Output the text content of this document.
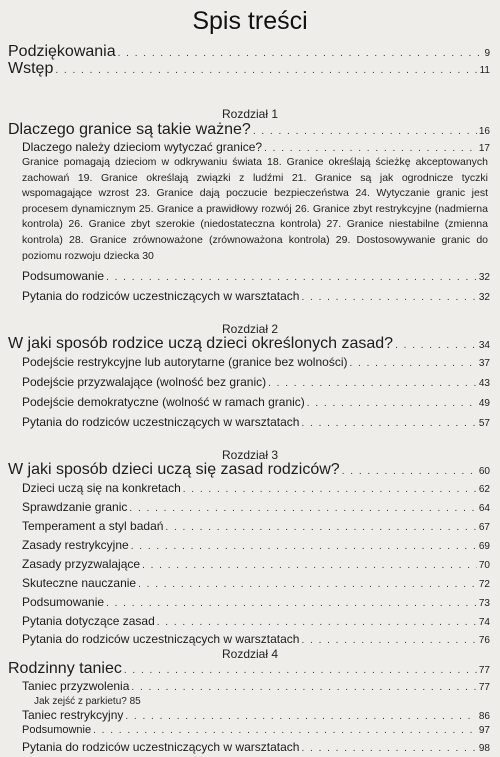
Spis treści
Podziękowania . . .	9
Wstęp . . .	11
Rozdział 1
Dlaczego granice są takie ważne? . . .	16
Dlaczego należy dzieciom wytyczać granice? . . .	17
Granice pomagają dzieciom w odkrywaniu świata 18. Granice określają ścieżkę akceptowanych zachowań 19. Granice określają związki z ludźmi 21. Granice są jak ogrodnicze tyczki wspomagające wzrost 23. Granice dają poczucie bezpieczeństwa 24. Wytyczanie granic jest procesem dynamicznym 25. Granice a prawidłowy rozwój 26. Granice zbyt restrykcyjne (nadmierna kontrola) 26. Granice zbyt szerokie (niedostateczna kontrola) 27. Granice niestabilne (zmienna kontrola) 28. Granice zrównoważone (zrównoważona kontrola) 29. Dostosowywanie granic do poziomu rozwoju dziecka 30
Podsumowanie . . .	32
Pytania do rodziców uczestniczących w warsztatach . . .	32
Rozdział 2
W jaki sposób rodzice uczą dzieci określonych zasad? . . .	34
Podejście restrykcyjne lub autorytarne (granice bez wolności) . . .	37
Podejście przyzwalające (wolność bez granic) . . .	43
Podejście demokratyczne (wolność w ramach granic) . . .	49
Pytania do rodziców uczestniczących w warsztatach . . .	57
Rozdział 3
W jaki sposób dzieci uczą się zasad rodziców? . . .	60
Dzieci uczą się na konkretach . . .	62
Sprawdzanie granic . . .	64
Temperament a styl badań . . .	67
Zasady restrykcyjne . . .	69
Zasady przyzwalające . . .	70
Skuteczne nauczanie . . .	72
Podsumowanie . . .	73
Pytania dotyczące zasad . . .	74
Pytania do rodziców uczestniczących w warsztatach . . .	76
Rozdział 4
Rodzinny taniec . . .	77
Taniec przyzwolenia . . .	77
Jak zejść z parkietu? 85
Taniec restrykcyjny . . .	86
Podsumownie . . .	97
Pytania do rodziców uczestniczących w warsztatach . . .	98
